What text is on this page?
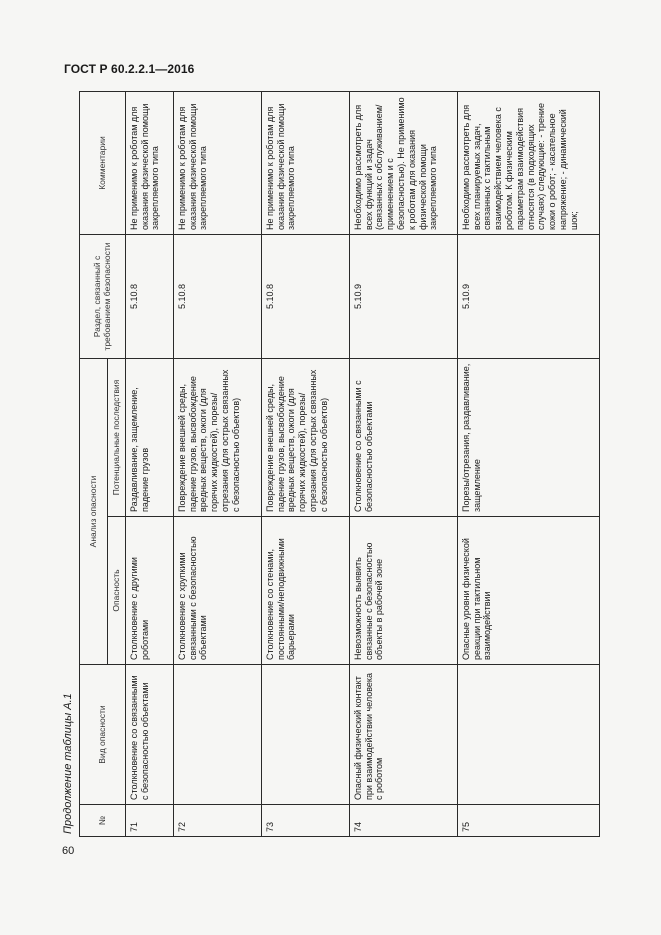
ГОСТ Р 60.2.2.1—2016
Продолжение таблицы А.1
60
№	Вид опасности	Анализ опасности		Раздел, связанный с требованием безопасности	Комментарии
		Опасность	Потенциальные последствия		
71	Столкновение со связанными с безопасностью объектами	Столкновение с другими роботами	Раздавливание, защемление, падение грузов	5.10.8	Не применимо к роботам для оказания физической помощи закрепляемого типа
72		Столкновение с хрупкими связанными с безопасностью объектами	Повреждение внешней среды, падение грузов, высвобождение вредных веществ, ожоги (для горячих жидкостей), порезы/отрезания (для острых связанных с безопасностью объектов)	5.10.8	Не применимо к роботам для оказания физической помощи закрепляемого типа
73		Столкновение со стенами, постоянными/неподвижными барьерами	Повреждение внешней среды, падение грузов, высвобождение вредных веществ, ожоги (для горячих жидкостей), порезы/отрезания (для острых связанных с безопасностью объектов)	5.10.8	Не применимо к роботам для оказания физической помощи закрепляемого типа
74	Опасный физический контакт при взаимодействии человека с роботом	Невозможность выявить связанные с безопасностью объекты в рабочей зоне	Столкновение со связанными с безопасностью объектами	5.10.9	Необходимо рассмотреть для всех функций и задач (связанных с обслуживанием/применением и с безопасностью). Не применимо к роботам для оказания физической помощи закрепляемого типа
75		Опасные уровни физической реакции при тактильном взаимодействии	Порезы/отрезания, раздавливание, защемление	5.10.9	Необходимо рассмотреть для всех планируемых задач, связанных с тактильным взаимодействием человека с роботом. К физическим параметрам взаимодействия относятся (в подходящих случаях) следующие: - трение кожи о робот; - касательное напряжение; - динамический шок;
